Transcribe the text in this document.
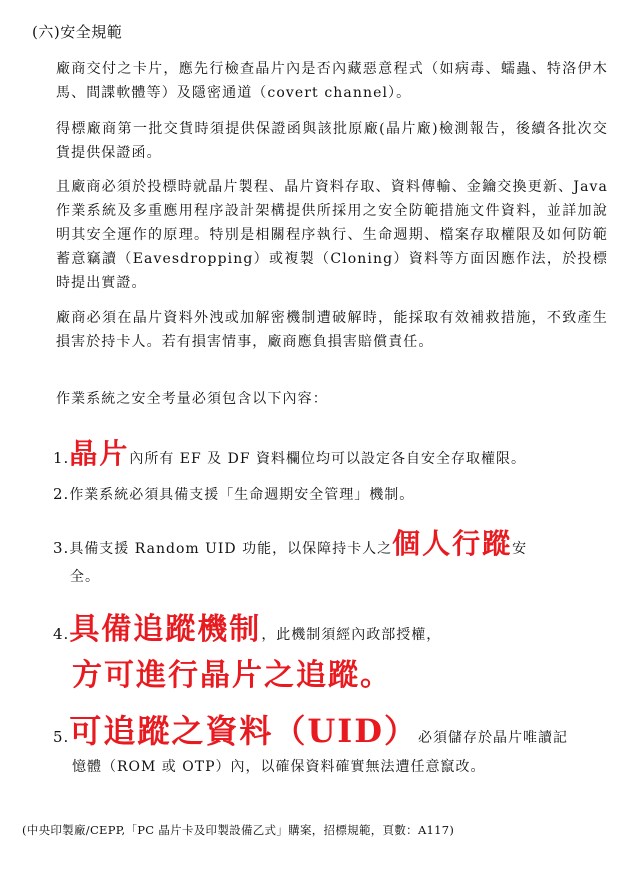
(六)安全規範

廠商交付之卡片，應先行檢查晶片內是否內藏惡意程式（如病毒、蠕蟲、特洛伊木馬、間諜軟體等）及隱密通道（covert channel）。

得標廠商第一批交貨時須提供保證函與該批原廠(晶片廠)檢測報告，後續各批次交貨提供保證函。

且廠商必須於投標時就晶片製程、晶片資料存取、資料傳輸、金鑰交換更新、Java 作業系統及多重應用程序設計架構提供所採用之安全防範措施文件資料，並詳加說明其安全運作的原理。特別是相關程序執行、生命週期、檔案存取權限及如何防範蓄意竊讀（Eavesdropping）或複製（Cloning）資料等方面因應作法，於投標時提出實證。

廠商必須在晶片資料外洩或加解密機制遭破解時，能採取有效補救措施，不致產生損害於持卡人。若有損害情事，廠商應負損害賠償責任。

作業系統之安全考量必須包含以下內容：

1.晶片內所有 EF 及 DF 資料欄位均可以設定各自安全存取權限。
2.作業系統必須具備支援「生命週期安全管理」機制。
3.具備支援 Random UID 功能，以保障持卡人之個人行蹤安
全。
4.具備追蹤機制，此機制須經內政部授權，
方可進行晶片之追蹤。
5.可追蹤之資料（UID）必須儲存於晶片唯讀記
憶體（ROM 或 OTP）內，以確保資料確實無法遭任意竄改。
(中央印製廠/CEPP,「PC 晶片卡及印製設備乙式」購案，招標規範，頁數：A117)
